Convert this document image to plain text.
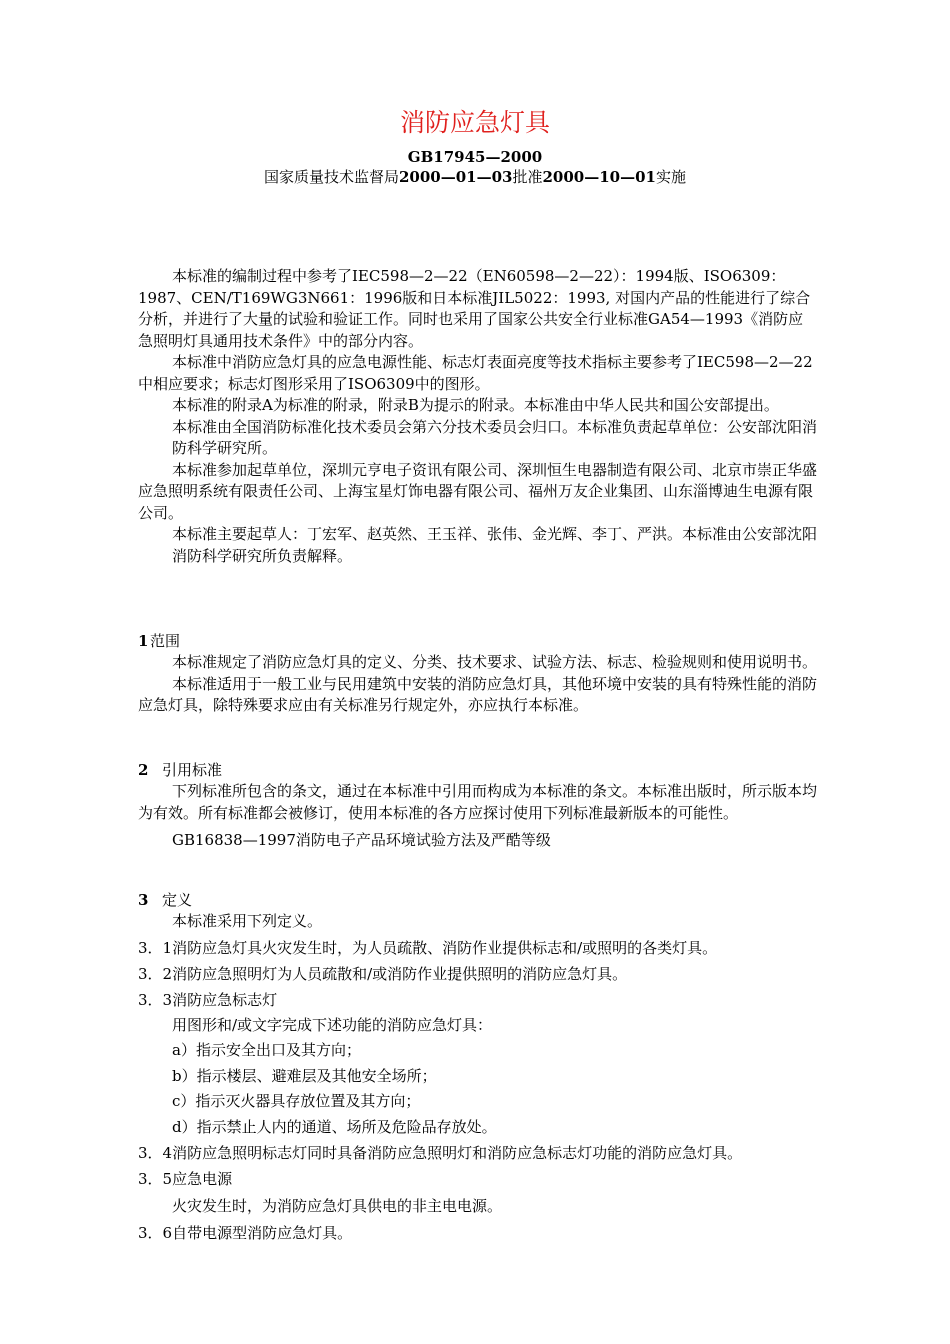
消防应急灯具
GB17945—2000
国家质量技术监督局2000—01—03批准2000—10—01实施

本标准的编制过程中参考了IEC598—2—22（EN60598—2—22）：1994版、ISO6309：1987、CEN/T169WG3N661：1996版和日本标准JIL5022：1993, 对国内产品的性能进行了综合分析，并进行了大量的试验和验证工作。同时也采用了国家公共安全行业标准GA54—1993《消防应急照明灯具通用技术条件》中的部分内容。

本标准中消防应急灯具的应急电源性能、标志灯表面亮度等技术指标主要参考了IEC598—2—22中相应要求；标志灯图形采用了ISO6309中的图形。

本标准的附录A为标准的附录，附录B为提示的附录。本标准由中华人民共和国公安部提出。

本标准由全国消防标准化技术委员会第六分技术委员会归口。本标准负责起草单位：公安部沈阳消防科学研究所。

本标准参加起草单位，深圳元亨电子资讯有限公司、深圳恒生电器制造有限公司、北京市崇正华盛应急照明系统有限责任公司、上海宝星灯饰电器有限公司、福州万友企业集团、山东淄博迪生电源有限公司。

本标准主要起草人：丁宏军、赵英然、王玉祥、张伟、金光辉、李丁、严洪。本标准由公安部沈阳消防科学研究所负责解释。

1 范围

本标准规定了消防应急灯具的定义、分类、技术要求、试验方法、标志、检验规则和使用说明书。

本标准适用于一般工业与民用建筑中安装的消防应急灯具，其他环境中安装的具有特殊性能的消防应急灯具，除特殊要求应由有关标准另行规定外，亦应执行本标准。

2 引用标准

下列标准所包含的条文，通过在本标准中引用而构成为本标准的条文。本标准出版时，所示版本均为有效。所有标准都会被修订，使用本标准的各方应探讨使用下列标准最新版本的可能性。

GB16838—1997消防电子产品环境试验方法及严酷等级

3 定义

本标准采用下列定义。

3．1消防应急灯具火灾发生时，为人员疏散、消防作业提供标志和/或照明的各类灯具。

3．2消防应急照明灯为人员疏散和/或消防作业提供照明的消防应急灯具。

3．3消防应急标志灯

用图形和/或文字完成下述功能的消防应急灯具：

a）指示安全出口及其方向；

b）指示楼层、避难层及其他安全场所；

c）指示灭火器具存放位置及其方向；

d）指示禁止人内的通道、场所及危险品存放处。

3．4消防应急照明标志灯同时具备消防应急照明灯和消防应急标志灯功能的消防应急灯具。

3．5应急电源

火灾发生时，为消防应急灯具供电的非主电电源。

3．6自带电源型消防应急灯具。
